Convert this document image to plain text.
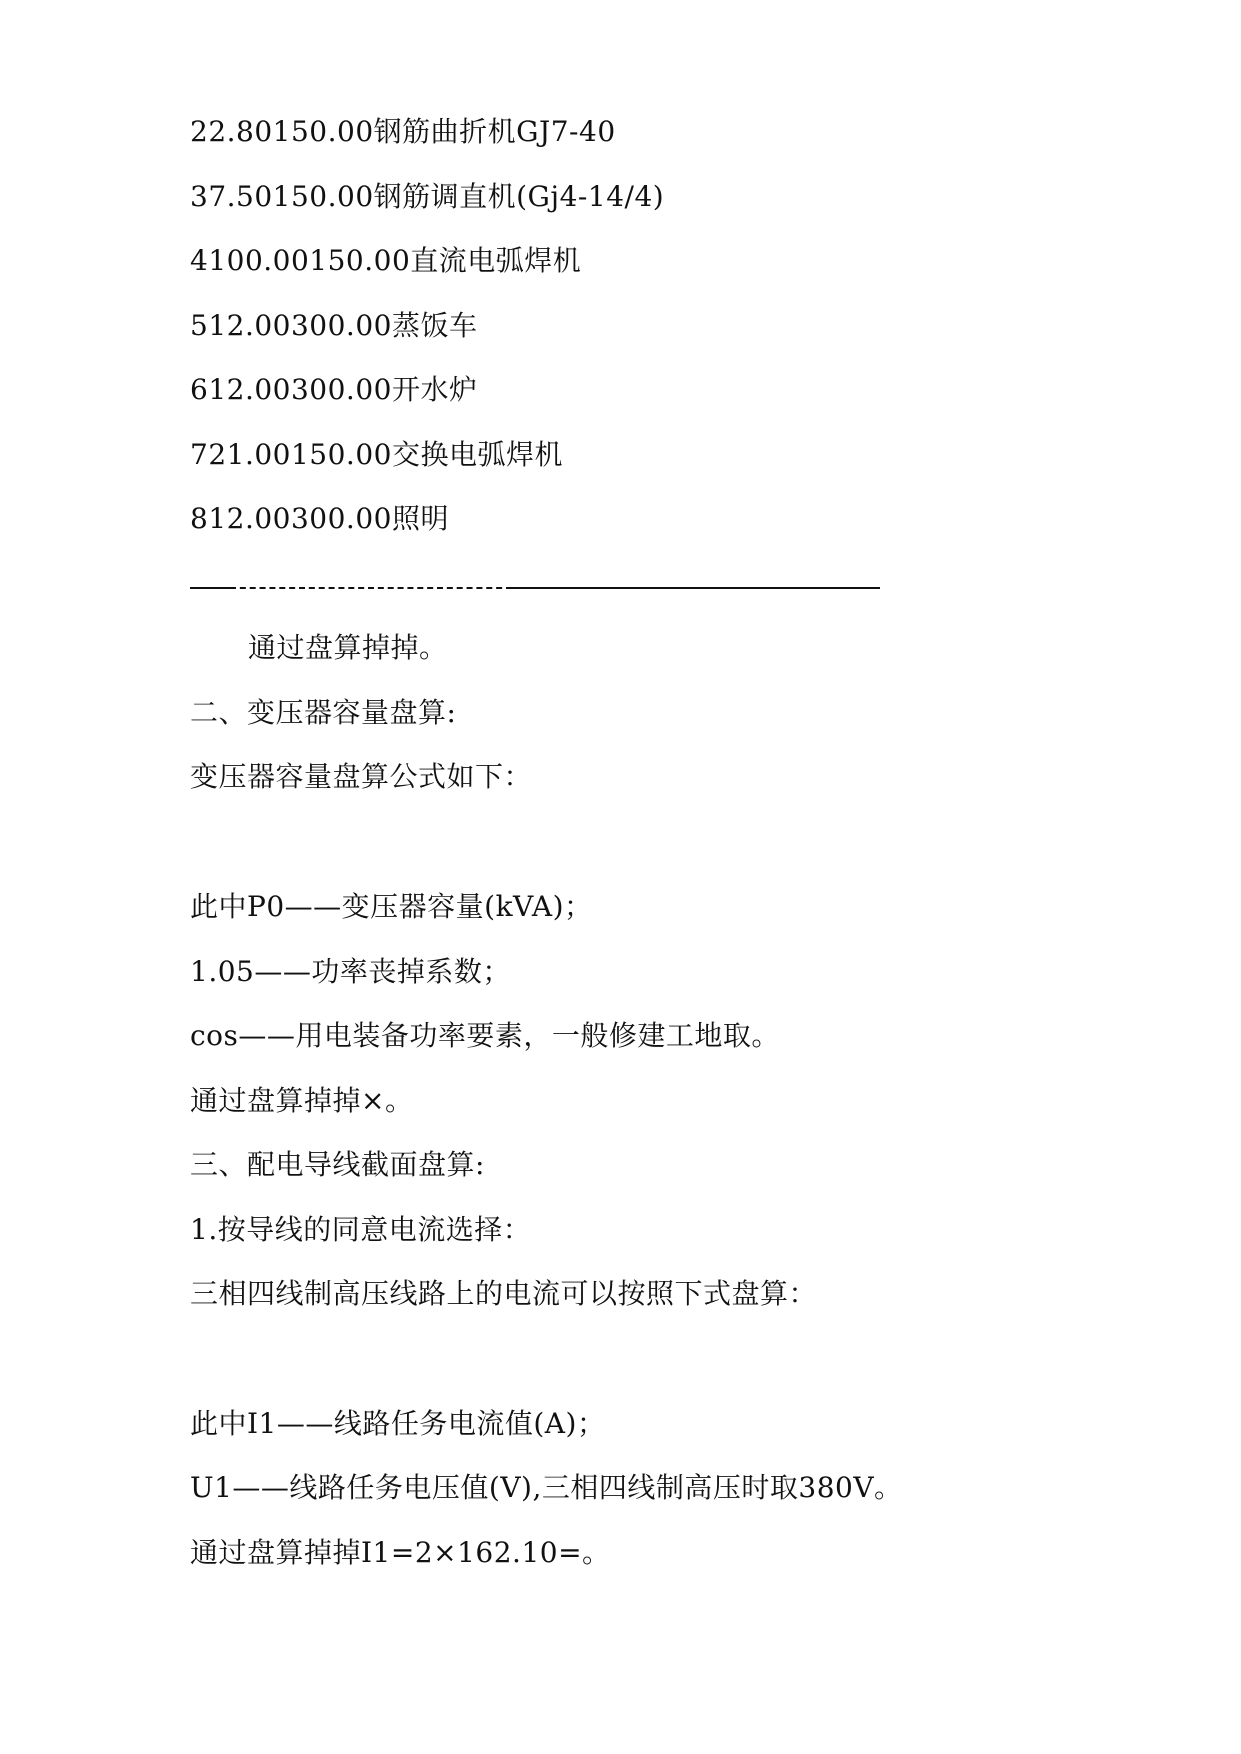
22.80150.00钢筋曲折机GJ7-40
37.50150.00钢筋调直机(Gj4-14/4)
4100.00150.00直流电弧焊机
512.00300.00蒸饭车
612.00300.00开水炉
721.00150.00交换电弧焊机
812.00300.00照明
通过盘算掉掉。
二、变压器容量盘算:
变压器容量盘算公式如下：
此中P0——变压器容量(kVA)；
1.05——功率丧掉系数；
cos——用电装备功率要素，一般修建工地取。
通过盘算掉掉×。
三、配电导线截面盘算:
1.按导线的同意电流选择：
三相四线制高压线路上的电流可以按照下式盘算：
此中I1——线路任务电流值(A)；
U1——线路任务电压值(V),三相四线制高压时取380V。
通过盘算掉掉I1=2×162.10=。
